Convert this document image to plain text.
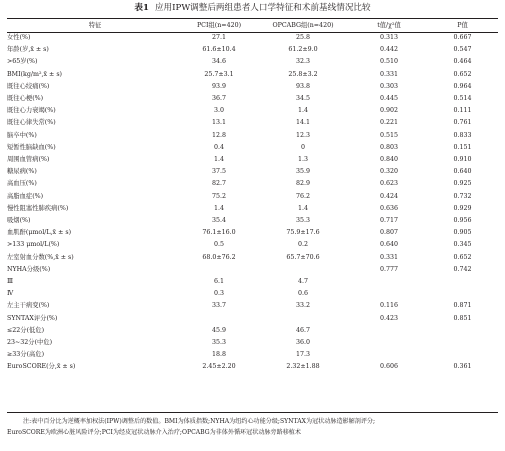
表1 应用IPW调整后两组患者人口学特征和术前基线情况比较
特征	PCI组(n=420)	OPCABG组(n=420)	t值/χ²值	P值
女性(%)	27.1	25.8	0.313	0.667
年龄(岁,x̄ ± s)	61.6±10.4	61.2±9.0	0.442	0.547
>65岁(%)	34.6	32.3	0.510	0.464
BMI(kg/m²,x̄ ± s)	25.7±3.1	25.8±3.2	0.331	0.652
既往心绞痛(%)	93.9	93.8	0.303	0.964
既往心梗(%)	36.7	34.5	0.445	0.514
既往心力衰竭(%)	3.0	1.4	0.902	0.111
既往心律失常(%)	13.1	14.1	0.221	0.761
脑卒中(%)	12.8	12.3	0.515	0.833
短暂性脑缺血(%)	0.4	0	0.803	0.151
周围血管病(%)	1.4	1.3	0.840	0.910
糖尿病(%)	37.5	35.9	0.320	0.640
高血压(%)	82.7	82.9	0.623	0.925
高脂血症(%)	75.2	76.2	0.424	0.732
慢性阻塞性肺疾病(%)	1.4	1.4	0.636	0.929
吸烟(%)	35.4	35.3	0.717	0.956
血肌酐(μmol/L,x̄ ± s)	76.1±16.0	75.9±17.6	0.807	0.905
>133 μmol/L(%)	0.5	0.2	0.640	0.345
左室射血分数(%,x̄ ± s)	68.0±76.2	65.7±70.6	0.331	0.652
NYHA分级(%)			0.777	0.742
Ⅲ	6.1	4.7		
Ⅳ	0.3	0.6		
左主干病变(%)	33.7	33.2	0.116	0.871
SYNTAX评分(%)			0.423	0.851
≤22分(低危)	45.9	46.7		
23~32分(中危)	35.3	36.0		
≥33分(高危)	18.8	17.3		
EuroSCORE(分,x̄ ± s)	2.45±2.20	2.32±1.88	0.606	0.361
注:表中百分比为逆概率加权法(IPW)调整后的数值。BMI为体质指数;NYHA为纽约心功能分级;SYNTAX为冠状动脉造影解剖评分;
EuroSCORE为欧洲心脏风险评分;PCI为经皮冠状动脉介入治疗;OPCABG为非体外循环冠状动脉旁路移植术
